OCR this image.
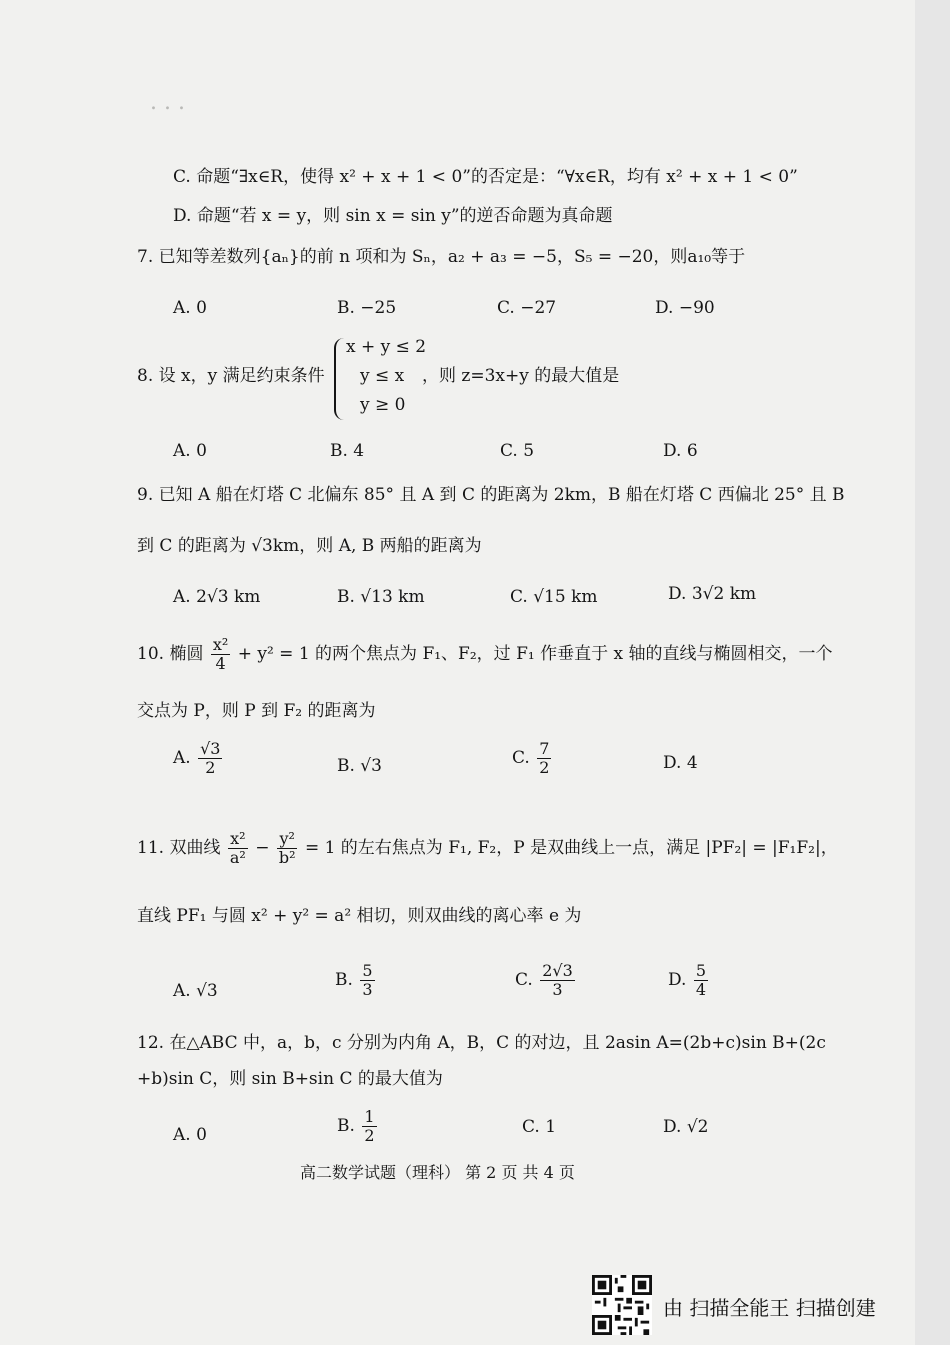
. . .
C. 命题“∃x∈R，使得 x² + x + 1 < 0”的否定是：“∀x∈R，均有 x² + x + 1 < 0”
D. 命题“若 x = y，则 sin x = sin y”的逆否命题为真命题
7. 已知等差数列{aₙ}的前 n 项和为 Sₙ，a₂ + a₃ = −5，S₅ = −20，则a₁₀等于
A. 0	B. −25	C. −27	D. −90
8. 设 x，y 满足约束条件
x + y ≤ 2
y ≤ x
y ≥ 0
，则 z=3x+y 的最大值是
A. 0	B. 4	C. 5	D. 6
9. 已知 A 船在灯塔 C 北偏东 85° 且 A 到 C 的距离为 2km，B 船在灯塔 C 西偏北 25° 且 B
到 C 的距离为 √3km，则 A, B 两船的距离为
A. 2√3 km	B. √13 km	C. √15 km	D. 3√2 km
10. 椭圆 $\frac{\text{x²}}{4} + y^2 = 1$ 的两个焦点为 F₁、F₂，过 F₁ 作垂直于 x 轴的直线与椭圆相交，一个
交点为 P，则 P 到 F₂ 的距离为
A. $\frac{√3}{2}$	B. √3	C. $\frac{7}{2}$	D. 4
11. 双曲线 $\frac{\text{x²}}{\text{a²}} - \frac{\text{y²}}{\text{b²}} = 1$ 的左右焦点为 F₁, F₂，P 是双曲线上一点，满足 |PF₂| = |F₁F₂|，
直线 PF₁ 与圆 x² + y² = a² 相切，则双曲线的离心率 e 为
A. √3
B. $\frac{5}{3}$	C. $\frac{2√3}{3}$	D. $\frac{5}{4}$
12. 在△ABC 中，a，b，c 分别为内角 A，B，C 的对边，且 2asin A=(2b+c)sin B+(2c
+b)sin C，则 sin B+sin C 的最大值为
A. 0	B. $\frac{1}{2}$	C. 1	D. √2
高二数学试题（理科） 第 2 页 共 4 页
由 扫描全能王 扫描创建
